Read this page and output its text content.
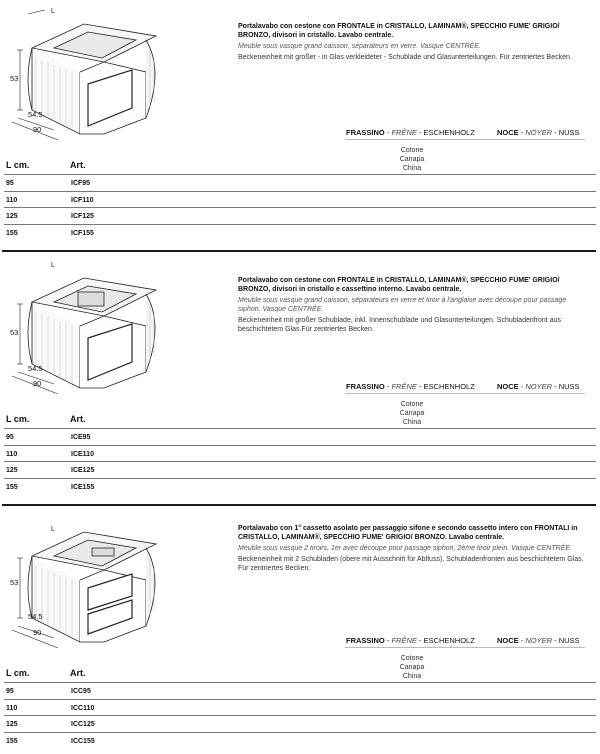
L
53
54.5
90
Portalavabo con cestone con FRONTALE in CRISTALLO, LAMINAM®, SPECCHIO FUME' GRIGIO/ BRONZO, divisori in cristallo. Lavabo centrale.
Meuble sous vasque grand caisson, séparateurs en verre. Vasque CENTRÉE.
Beckeneinheit mit großer - in Glas verkleideter - Schublade und Glasunterteilungen. Für zentriertes Becken.
FRASSINO - FRÊNE - ESCHENHOLZ	NOCE - NOYER - NUSS
Cotone
Canapa
China
L cm.	Art.
95	ICF95
110	ICF110
125	ICF125
155	ICF155
L
53
54.5
90
Portalavabo con cestone con FRONTALE in CRISTALLO, LAMINAM®, SPECCHIO FUME' GRIGIO/ BRONZO, divisori in cristallo e cassettino interno. Lavabo centrale.
Meuble sous vasque grand caisson, séparateurs en verre et tiroir à l'anglaise avec découpe pour passage siphon. Vasque CENTRÉE.
Beckeneinheit mit großer Schublade, inkl. Innenschublade und Glasunterteilungen. Schubladenfront aus beschichtetem Glas.Für zentriertes Becken.
FRASSINO - FRÊNE - ESCHENHOLZ	NOCE - NOYER - NUSS
Cotone
Canapa
China
L cm.	Art.
95	ICE95
110	ICE110
125	ICE125
155	ICE155
L
53
54.5
90
Portalavabo con 1° cassetto asolato per passaggio sifone e secondo cassetto intero con FRONTALI in CRISTALLO, LAMINAM®, SPECCHIO FUME' GRIGIO/ BRONZO. Lavabo centrale.
Meuble sous vasque 2 tiroirs, 1er avec découpe pour passage siphon, 2ème tiroir plein. Vasque CENTRÉE.
Beckeneinheit mit 2 Schubladen (obere mit Ausschnitt für Abfluss). Schubladenfronten aus beschichtetem Glas. Für zentriertes Becken.
FRASSINO - FRÊNE - ESCHENHOLZ	NOCE - NOYER - NUSS
Cotone
Canapa
China
L cm.	Art.
95	ICC95
110	ICC110
125	ICC125
155	ICC155
